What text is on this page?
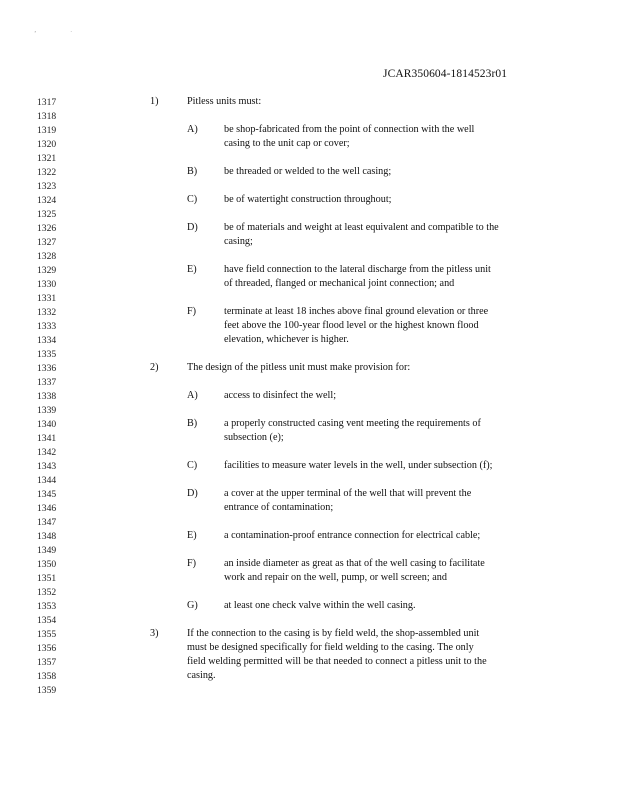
ʼ	˙
JCAR350604-1814523r01
1317
1318
1319
1320
1321
1322
1323
1324
1325
1326
1327
1328
1329
1330
1331
1332
1333
1334
1335
1336
1337
1338
1339
1340
1341
1342
1343
1344
1345
1346
1347
1348
1349
1350
1351
1352
1353
1354
1355
1356
1357
1358
1359
1)	Pitless units must:
A)	be shop-fabricated from the point of connection with the well
casing to the unit cap or cover;
B)	be threaded or welded to the well casing;
C)	be of watertight construction throughout;
D)	be of materials and weight at least equivalent and compatible to the
casing;
E)	have field connection to the lateral discharge from the pitless unit
of threaded, flanged or mechanical joint connection; and
F)	terminate at least 18 inches above final ground elevation or three
feet above the 100-year flood level or the highest known flood
elevation, whichever is higher.
2)	The design of the pitless unit must make provision for:
A)	access to disinfect the well;
B)	a properly constructed casing vent meeting the requirements of
subsection (e);
C)	facilities to measure water levels in the well, under subsection (f);
D)	a cover at the upper terminal of the well that will prevent the
entrance of contamination;
E)	a contamination-proof entrance connection for electrical cable;
F)	an inside diameter as great as that of the well casing to facilitate
work and repair on the well, pump, or well screen; and
G)	at least one check valve within the well casing.
3)	If the connection to the casing is by field weld, the shop-assembled unit
must be designed specifically for field welding to the casing. The only
field welding permitted will be that needed to connect a pitless unit to the
casing.
